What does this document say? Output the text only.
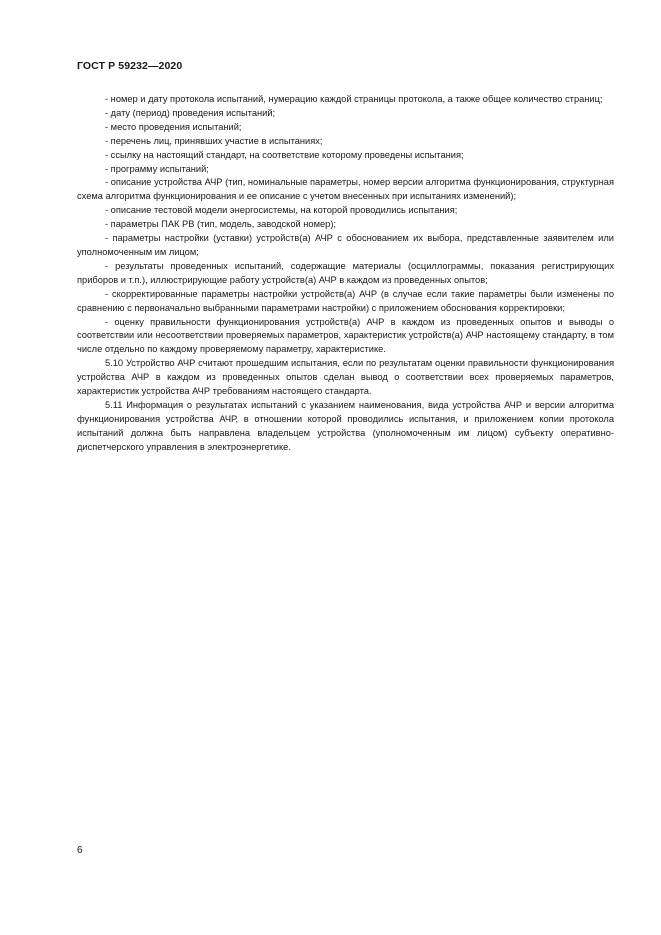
ГОСТ Р 59232—2020

- номер и дату протокола испытаний, нумерацию каждой страницы протокола, а также общее количество страниц;

- дату (период) проведения испытаний;

- место проведения испытаний;

- перечень лиц, принявших участие в испытаниях;

- ссылку на настоящий стандарт, на соответствие которому проведены испытания;

- программу испытаний;

- описание устройства АЧР (тип, номинальные параметры, номер версии алгоритма функционирования, структурная схема алгоритма функционирования и ее описание с учетом внесенных при испытаниях изменений);

- описание тестовой модели энергосистемы, на которой проводились испытания;

- параметры ПАК РВ (тип, модель, заводской номер);

- параметры настройки (уставки) устройств(а) АЧР с обоснованием их выбора, представленные заявителем или уполномоченным им лицом;

- результаты проведенных испытаний, содержащие материалы (осциллограммы, показания регистрирующих приборов и т.п.), иллюстрирующие работу устройств(а) АЧР в каждом из проведенных опытов;

- скорректированные параметры настройки устройств(а) АЧР (в случае если такие параметры были изменены по сравнению с первоначально выбранными параметрами настройки) с приложением обоснования корректировки;

- оценку правильности функционирования устройств(а) АЧР в каждом из проведенных опытов и выводы о соответствии или несоответствии проверяемых параметров, характеристик устройств(а) АЧР настоящему стандарту, в том числе отдельно по каждому проверяемому параметру, характеристике.

5.10 Устройство АЧР считают прошедшим испытания, если по результатам оценки правильности функционирования устройства АЧР в каждом из проведенных опытов сделан вывод о соответствии всех проверяемых параметров, характеристик устройства АЧР требованиям настоящего стандарта.

5.11 Информация о результатах испытаний с указанием наименования, вида устройства АЧР и версии алгоритма функционирования устройства АЧР, в отношении которой проводились испытания, и приложением копии протокола испытаний должна быть направлена владельцем устройства (уполномоченным им лицом) субъекту оперативно-диспетчерского управления в электроэнергетике.

6
